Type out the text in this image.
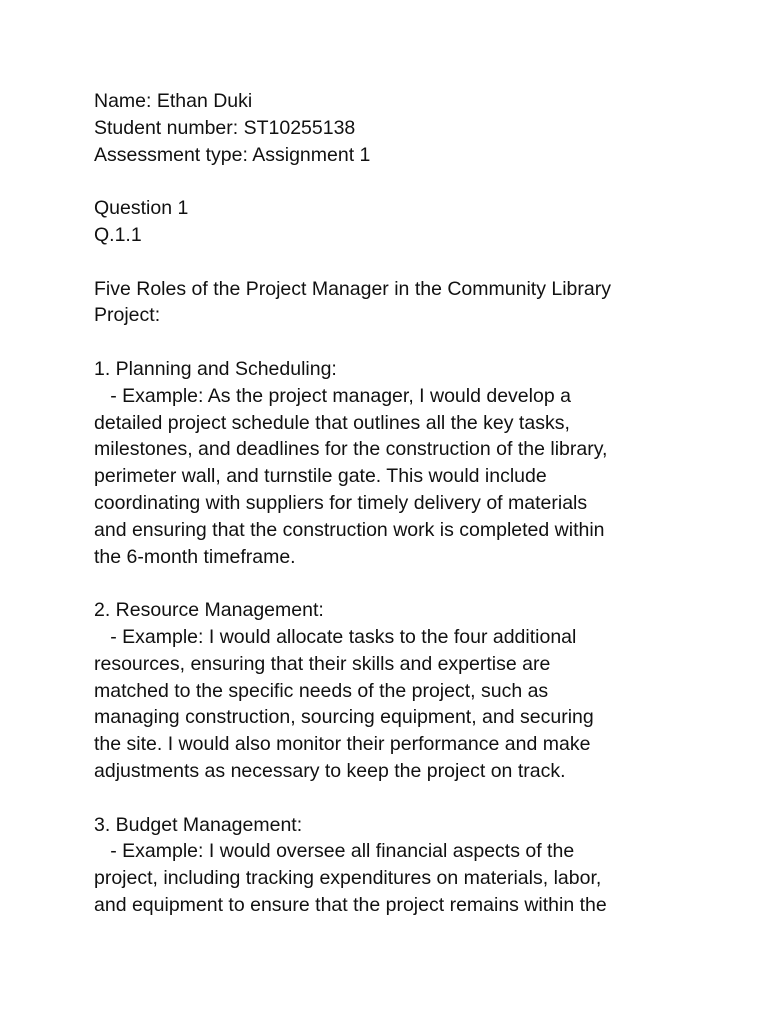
Name: Ethan Duki
Student number: ST10255138
Assessment type: Assignment 1
Question 1
Q.1.1
Five Roles of the Project Manager in the Community Library
Project:
1. Planning and Scheduling:
- Example: As the project manager, I would develop a
detailed project schedule that outlines all the key tasks,
milestones, and deadlines for the construction of the library,
perimeter wall, and turnstile gate. This would include
coordinating with suppliers for timely delivery of materials
and ensuring that the construction work is completed within
the 6-month timeframe.
2. Resource Management:
- Example: I would allocate tasks to the four additional
resources, ensuring that their skills and expertise are
matched to the specific needs of the project, such as
managing construction, sourcing equipment, and securing
the site. I would also monitor their performance and make
adjustments as necessary to keep the project on track.
3. Budget Management:
- Example: I would oversee all financial aspects of the
project, including tracking expenditures on materials, labor,
and equipment to ensure that the project remains within the
